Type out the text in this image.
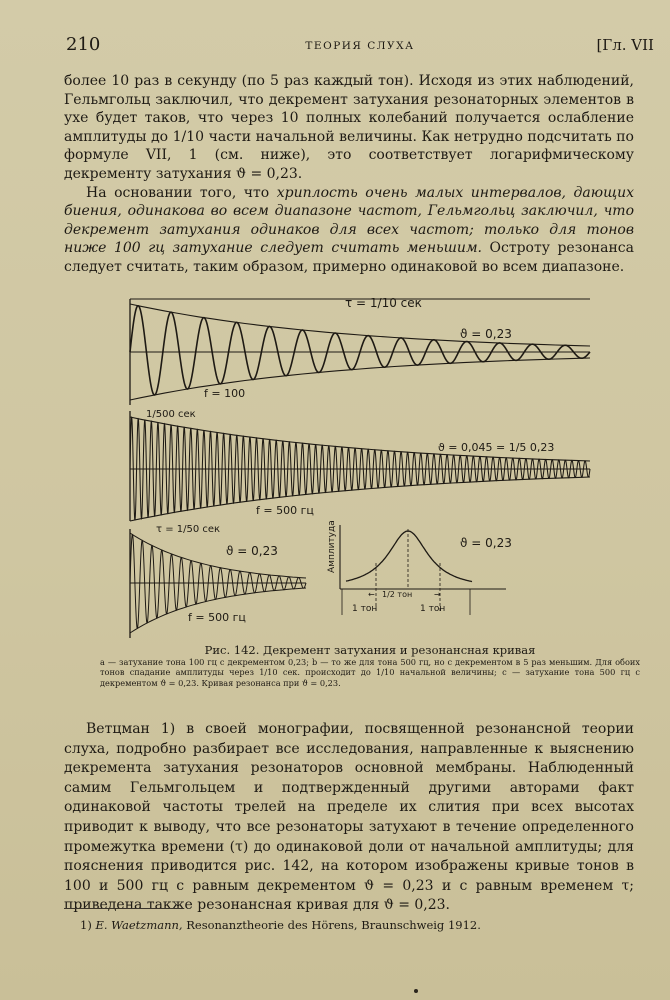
210	ТЕОРИЯ СЛУХА	[Гл. VII

более 10 раз в секунду (по 5 раз каждый тон). Исходя из этих наблюдений, Гельмгольц заключил, что декремент затухания резонаторных элементов в ухе будет таков, что через 10 полных колебаний получается ослабление амплитуды до 1/10 части начальной величины. Как нетрудно подсчитать по формуле VII, 1 (см. ниже), это соответствует логарифмическому декременту затухания ϑ = 0,23.

На основании того, что хриплость очень малых интервалов, дающих биения, одинакова во всем диапазоне частот, Гельмгольц заключил, что декремент затухания одинаков для всех частот; только для тонов ниже 100 гц затухание следует считать меньшим. Остроту резонанса следует считать, таким образом, примерно одинаковой во всем диапазоне.

τ = 1/10 сек
ϑ = 0,23
f = 100
1/500 сек
ϑ = 0,045 = 1/5 0,23
f = 500 гц
τ = 1/50 сек
ϑ = 0,23
f = 500 гц
Амплитуда	ϑ = 0,23
← 1/2 тон	→
1 тон	1 тон
Рис. 142. Декремент затухания и резонансная кривая
а — затухание тона 100 гц с декрементом 0,23; b — то же для тона 500 гц, но с декрементом в 5 раз меньшим. Для обоих тонов спадание амплитуды через 1/10 сек. происходит до 1/10 начальной величины; с — затухание тона 500 гц с декрементом ϑ = 0,23. Кривая резонанса при ϑ = 0,23.

Ветцман 1) в своей монографии, посвященной резонансной теории слуха, подробно разбирает все исследования, направленные к выяснению декремента затухания резонаторов основной мембраны. Наблюденный самим Гельмгольцем и подтвержденный другими авторами факт одинаковой частоты трелей на пределе их слития при всех высотах приводит к выводу, что все резонаторы затухают в течение определенного промежутка времени (τ) до одинаковой доли от начальной амплитуды; для пояснения приводится рис. 142, на котором изображены кривые тонов в 100 и 500 гц с равным декрементом ϑ = 0,23 и с равным временем τ; приведена также резонансная кривая для ϑ = 0,23.

1) E. Waetzmann, Resonanztheorie des Hörens, Braunschweig 1912.
